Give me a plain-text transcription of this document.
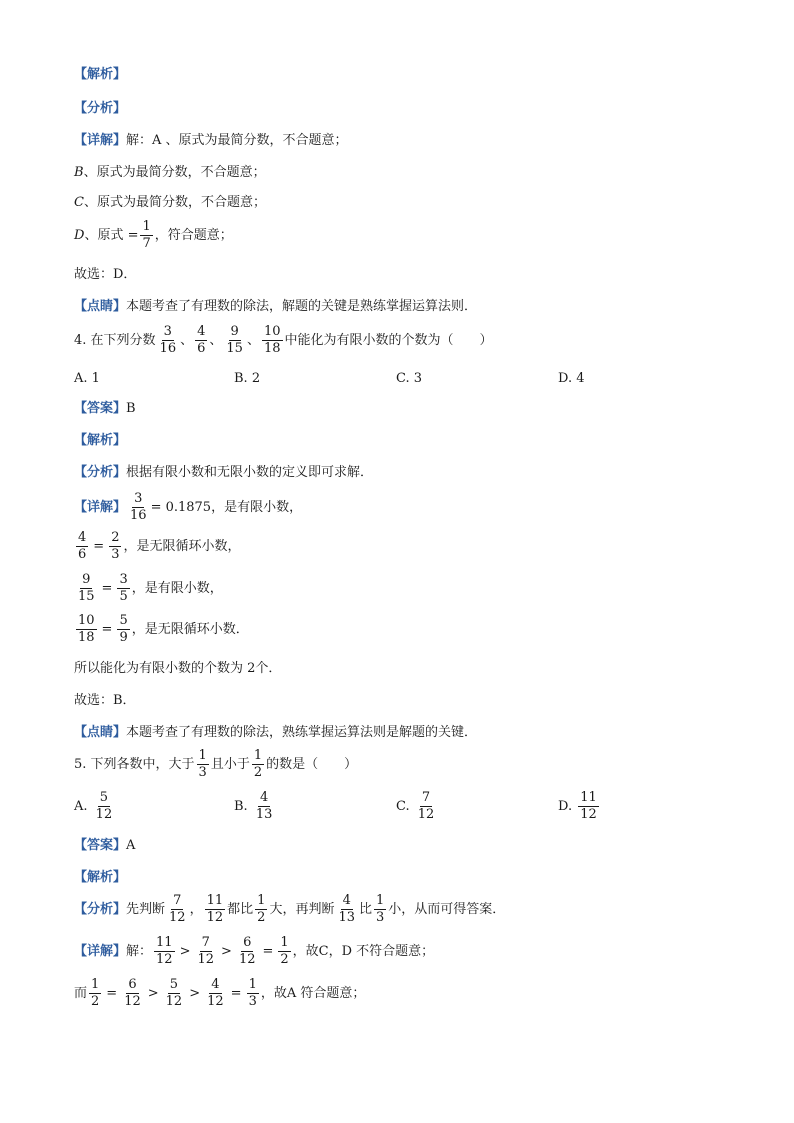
【解析】
【分析】
【详解】 解：A 、原式为最简分数，不合题意；
B 、原式为最简分数，不合题意；
C 、原式为最简分数，不合题意；
D 、原式 = $\frac{1}{7}$ ，符合题意；
故选：D．
【点睛】 本题考查了有理数的除法，解题的关键是熟练掌握运算法则．
4. 在下列分数 $\frac{3}{16}$ 、 $\frac{4}{6}$ 、 $\frac{9}{15}$ 、 $\frac{10}{18}$ 中能化为有限小数的个数为（　　）
A. 1	B. 2	C. 3	D. 4
【答案】 B
【解析】
【分析】 根据有限小数和无限小数的定义即可求解．
【详解】 $\frac{3}{16} = 0.1875$，是有限小数，
$\frac{4}{6} = \frac{2}{3}$ ，是无限循环小数，
$\frac{9}{15} = \frac{3}{5}$ ，是有限小数，
$\frac{10}{18} = \frac{5}{9}$ ，是无限循环小数．
所以能化为有限小数的个数为 2个．
故选：B．
【点睛】 本题考查了有理数的除法，熟练掌握运算法则是解题的关键．
5. 下列各数中，大于 $\frac{1}{3}$ 且小于 $\frac{1}{2}$ 的数是（　　）
A.
$\frac{5}{12}$	B.
$\frac{4}{13}$	C.
$\frac{7}{12}$	D.
$\frac{11}{12}$
【答案】 A
【解析】
【分析】 先判断 $\frac{7}{12}$ ， $\frac{11}{12}$ 都比 $\frac{1}{2}$ 大，再判断 $\frac{4}{13}$ 比 $\frac{1}{3}$ 小，从而可得答案．
【详解】 解： $\frac{11}{12} > \frac{7}{12} > \frac{6}{12} = \frac{1}{2}$ ，故C，D 不符合题意；
而 $\frac{1}{2} = \frac{6}{12} > \frac{5}{12} > \frac{4}{12} = \frac{1}{3}$ ，故A 符合题意；
